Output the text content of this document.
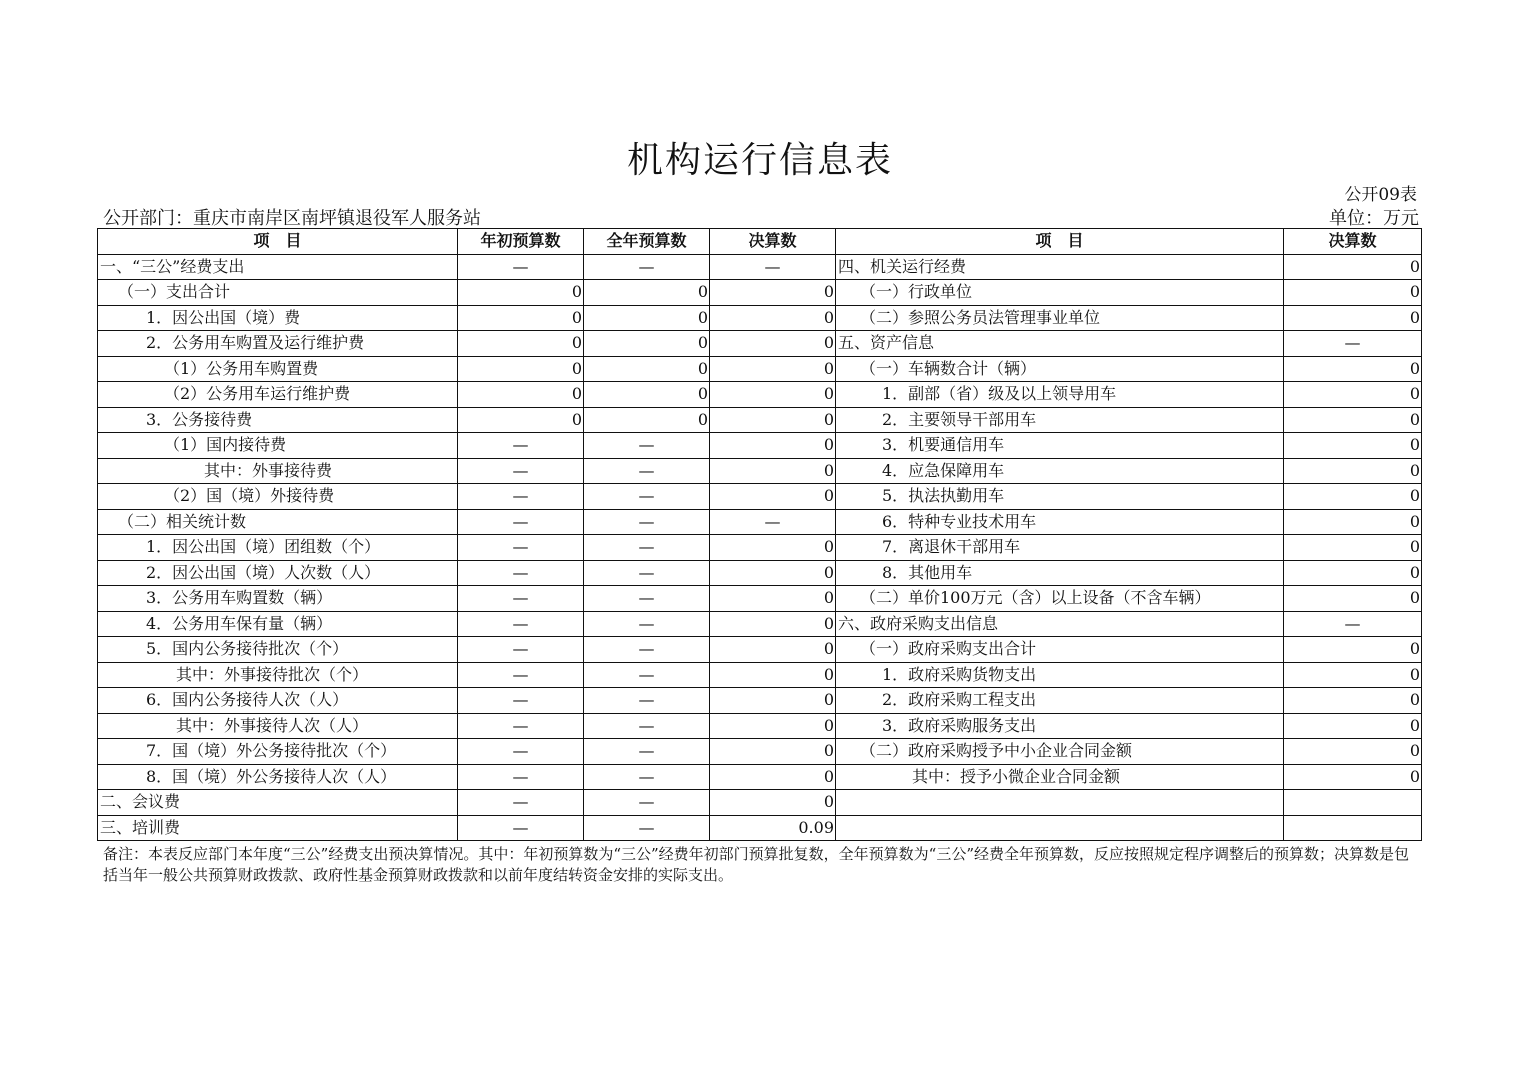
机构运行信息表
公开09表
公开部门：重庆市南岸区南坪镇退役军人服务站	单位：万元
项　目	年初预算数	全年预算数	决算数	项　目	决算数
一、“三公”经费支出	—	—	—	四、机关运行经费	0
（一）支出合计	0	0	0	（一）行政单位	0
1．因公出国（境）费	0	0	0	（二）参照公务员法管理事业单位	0
2．公务用车购置及运行维护费	0	0	0	五、资产信息	—
（1）公务用车购置费	0	0	0	（一）车辆数合计（辆）	0
（2）公务用车运行维护费	0	0	0	1．副部（省）级及以上领导用车	0
3．公务接待费	0	0	0	2．主要领导干部用车	0
（1）国内接待费	—	—	0	3．机要通信用车	0
其中：外事接待费	—	—	0	4．应急保障用车	0
（2）国（境）外接待费	—	—	0	5．执法执勤用车	0
（二）相关统计数	—	—	—	6．特种专业技术用车	0
1．因公出国（境）团组数（个）	—	—	0	7．离退休干部用车	0
2．因公出国（境）人次数（人）	—	—	0	8．其他用车	0
3．公务用车购置数（辆）	—	—	0	（二）单价100万元（含）以上设备（不含车辆）	0
4．公务用车保有量（辆）	—	—	0	六、政府采购支出信息	—
5．国内公务接待批次（个）	—	—	0	（一）政府采购支出合计	0
其中：外事接待批次（个）	—	—	0	1．政府采购货物支出	0
6．国内公务接待人次（人）	—	—	0	2．政府采购工程支出	0
其中：外事接待人次（人）	—	—	0	3．政府采购服务支出	0
7．国（境）外公务接待批次（个）	—	—	0	（二）政府采购授予中小企业合同金额	0
8．国（境）外公务接待人次（人）	—	—	0	其中：授予小微企业合同金额	0
二、会议费	—	—	0		
三、培训费	—	—	0.09		
备注：本表反应部门本年度“三公”经费支出预决算情况。其中：年初预算数为“三公”经费年初部门预算批复数，全年预算数为“三公”经费全年预算数，反应按照规定程序调整后的预算数；决算数是包括当年一般公共预算财政拨款、政府性基金预算财政拨款和以前年度结转资金安排的实际支出。
